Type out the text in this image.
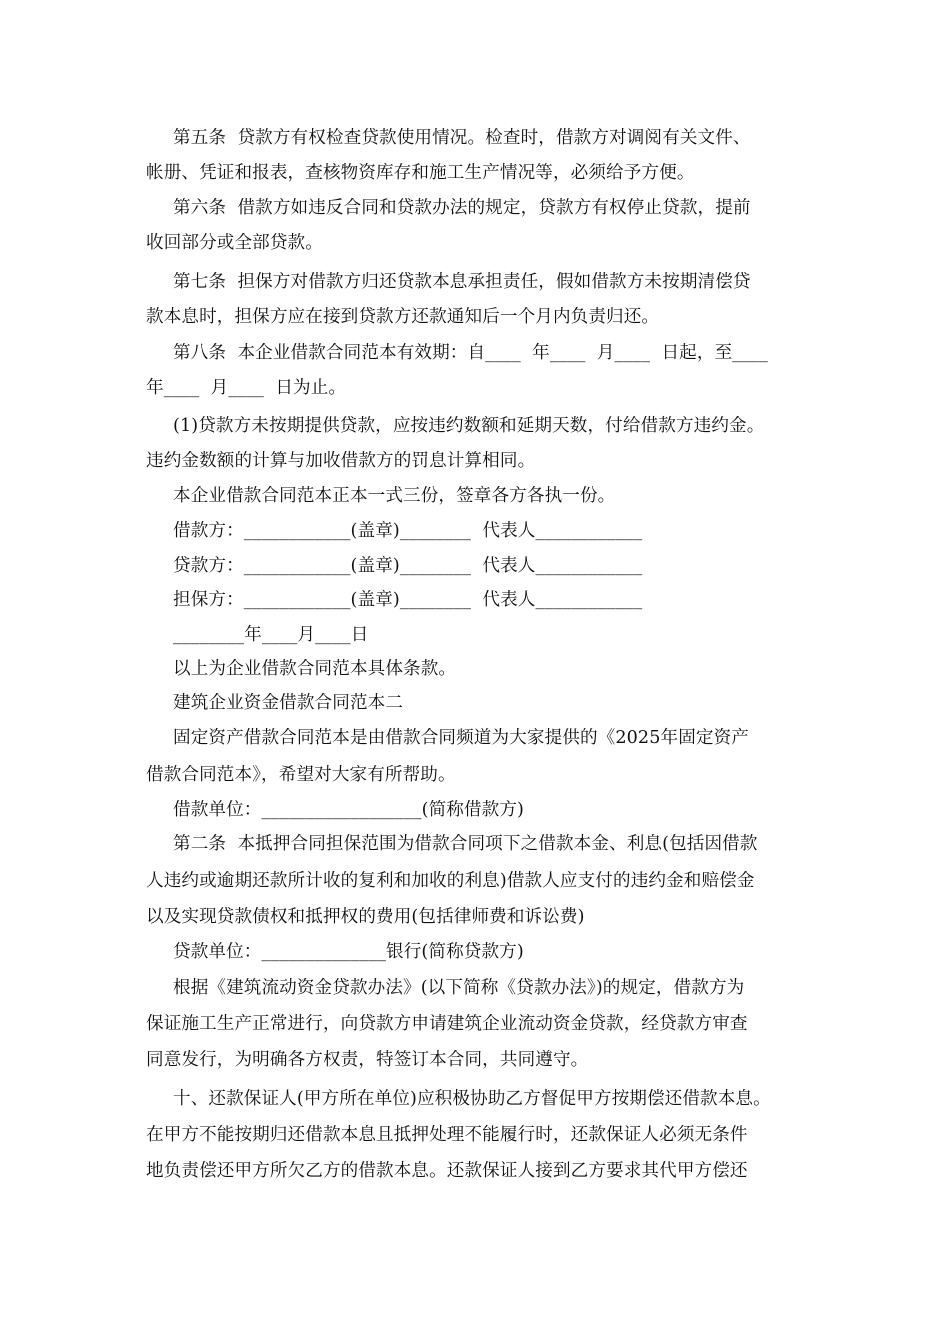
第五条  贷款方有权检查贷款使用情况。检查时，借款方对调阅有关文件、
帐册、凭证和报表，查核物资库存和施工生产情况等，必须给予方便。
第六条  借款方如违反合同和贷款办法的规定，贷款方有权停止贷款，提前
收回部分或全部贷款。
第七条  担保方对借款方归还贷款本息承担责任，假如借款方未按期清偿贷
款本息时，担保方应在接到贷款方还款通知后一个月内负责归还。
第八条  本企业借款合同范本有效期：自____  年____  月____  日起，至____
年____  月____  日为止。
(1)贷款方未按期提供贷款，应按违约数额和延期天数，付给借款方违约金。
违约金数额的计算与加收借款方的罚息计算相同。
本企业借款合同范本正本一式三份，签章各方各执一份。
借款方：____________(盖章)________  代表人____________
贷款方：____________(盖章)________  代表人____________
担保方：____________(盖章)________  代表人____________
________年____月____日
以上为企业借款合同范本具体条款。
建筑企业资金借款合同范本二
固定资产借款合同范本是由借款合同频道为大家提供的《2025年固定资产
借款合同范本》，希望对大家有所帮助。
借款单位：__________________(简称借款方)
第二条  本抵押合同担保范围为借款合同项下之借款本金、利息(包括因借款
人违约或逾期还款所计收的复利和加收的利息)借款人应支付的违约金和赔偿金
以及实现贷款债权和抵押权的费用(包括律师费和诉讼费)
贷款单位：______________银行(简称贷款方)
根据《建筑流动资金贷款办法》(以下简称《贷款办法》)的规定，借款方为
保证施工生产正常进行，向贷款方申请建筑企业流动资金贷款，经贷款方审查
同意发行，为明确各方权责，特签订本合同，共同遵守。
十、还款保证人(甲方所在单位)应积极协助乙方督促甲方按期偿还借款本息。
在甲方不能按期归还借款本息且抵押处理不能履行时，还款保证人必须无条件
地负责偿还甲方所欠乙方的借款本息。还款保证人接到乙方要求其代甲方偿还
